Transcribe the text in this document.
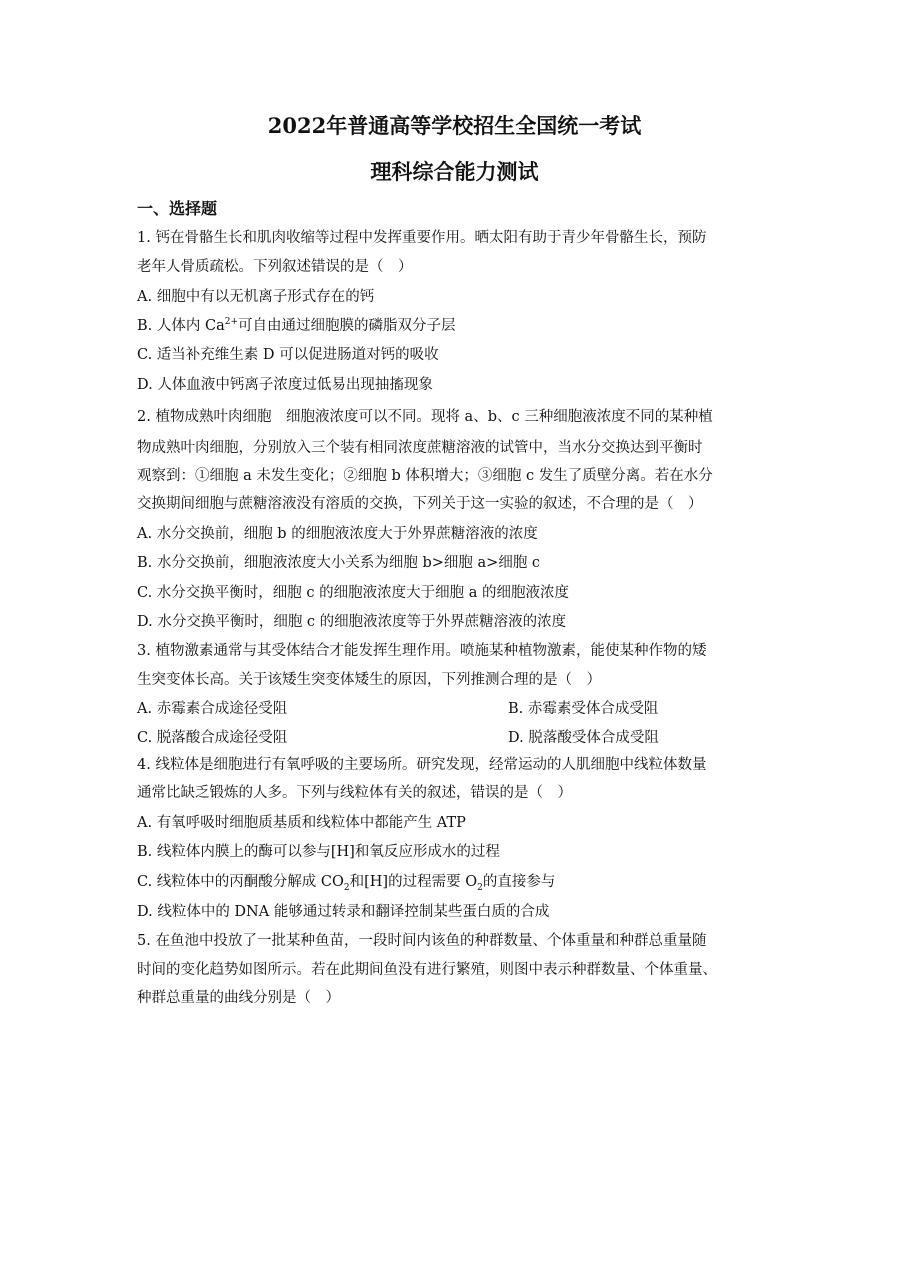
2022年普通高等学校招生全国统一考试
理科综合能力测试
一、选择题
1. 钙在骨骼生长和肌肉收缩等过程中发挥重要作用。晒太阳有助于青少年骨骼生长，预防
老年人骨质疏松。下列叙述错误的是（　）
A. 细胞中有以无机离子形式存在的钙
B. 人体内 $Ca^{2+}$可自由通过细胞膜的磷脂双分子层
C. 适当补充维生素 D 可以促进肠道对钙的吸收
D. 人体血液中钙离子浓度过低易出现抽搐现象
2. 植物成熟叶肉细胞　细胞液浓度可以不同。现将 a、b、c 三种细胞液浓度不同的某种植
物成熟叶肉细胞，分别放入三个装有相同浓度蔗糖溶液的试管中，当水分交换达到平衡时
观察到：①细胞 a 未发生变化；②细胞 b 体积增大；③细胞 c 发生了质壁分离。若在水分
交换期间细胞与蔗糖溶液没有溶质的交换，下列关于这一实验的叙述，不合理的是（　）
A. 水分交换前，细胞 b 的细胞液浓度大于外界蔗糖溶液的浓度
B. 水分交换前，细胞液浓度大小关系为细胞 b>细胞 a>细胞 c
C. 水分交换平衡时，细胞 c 的细胞液浓度大于细胞 a 的细胞液浓度
D. 水分交换平衡时，细胞 c 的细胞液浓度等于外界蔗糖溶液的浓度
3. 植物激素通常与其受体结合才能发挥生理作用。喷施某种植物激素，能使某种作物的矮
生突变体长高。关于该矮生突变体矮生的原因，下列推测合理的是（　）
A. 赤霉素合成途径受阻	B. 赤霉素受体合成受阻
C. 脱落酸合成途径受阻	D. 脱落酸受体合成受阻
4. 线粒体是细胞进行有氧呼吸的主要场所。研究发现，经常运动的人肌细胞中线粒体数量
通常比缺乏锻炼的人多。下列与线粒体有关的叙述，错误的是（　）
A. 有氧呼吸时细胞质基质和线粒体中都能产生 ATP
B. 线粒体内膜上的酶可以参与[H]和氧反应形成水的过程
C. 线粒体中的丙酮酸分解成 $CO_2$和[H]的过程需要 $O_2$的直接参与
D. 线粒体中的 DNA 能够通过转录和翻译控制某些蛋白质的合成
5. 在鱼池中投放了一批某种鱼苗，一段时间内该鱼的种群数量、个体重量和种群总重量随
时间的变化趋势如图所示。若在此期间鱼没有进行繁殖，则图中表示种群数量、个体重量、
种群总重量的曲线分别是（　）
